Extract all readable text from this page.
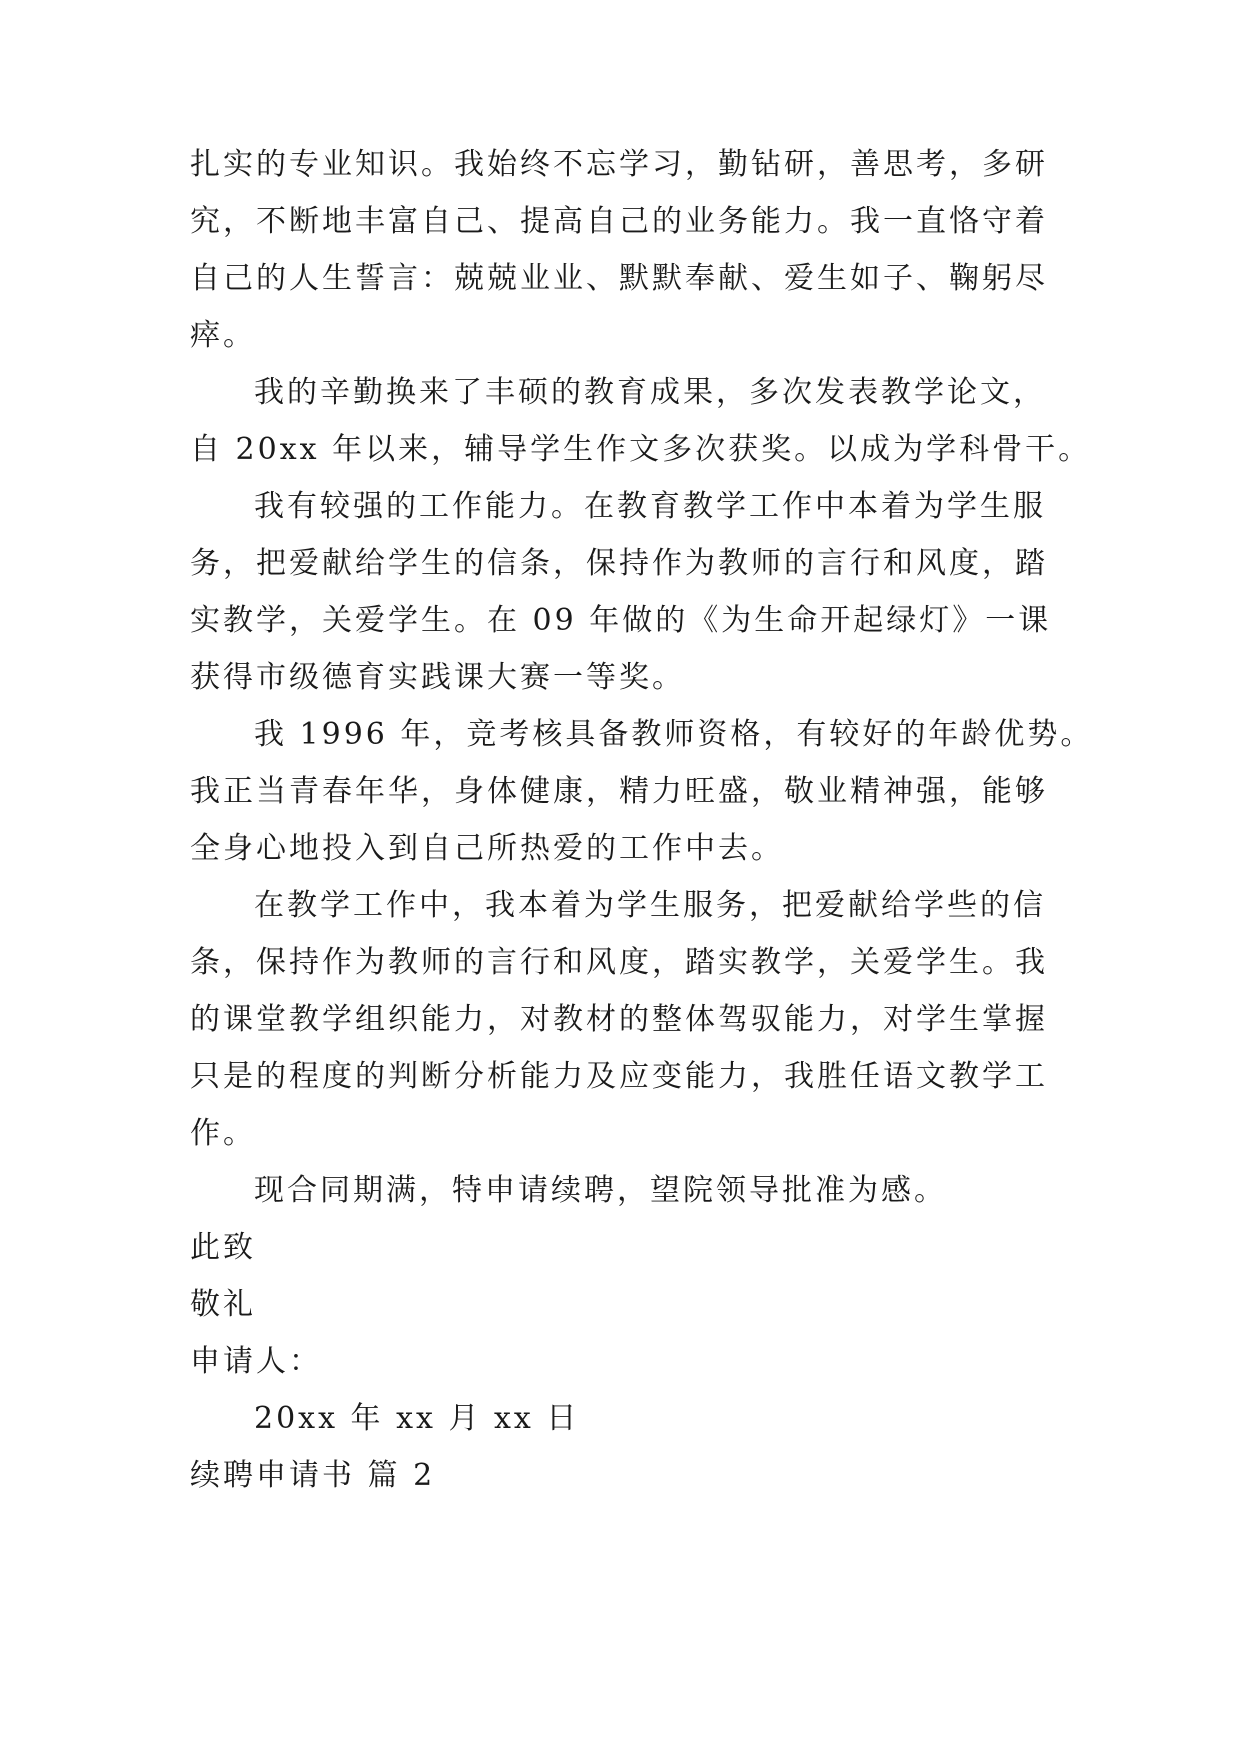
扎实的专业知识。我始终不忘学习，勤钻研，善思考，多研
究，不断地丰富自己、提高自己的业务能力。我一直恪守着
自己的人生誓言：兢兢业业、默默奉献、爱生如子、鞠躬尽
瘁。
我的辛勤换来了丰硕的教育成果，多次发表教学论文，
自 20xx 年以来，辅导学生作文多次获奖。以成为学科骨干。
我有较强的工作能力。在教育教学工作中本着为学生服
务，把爱献给学生的信条，保持作为教师的言行和风度，踏
实教学，关爱学生。在 09 年做的《为生命开起绿灯》一课
获得市级德育实践课大赛一等奖。
我 1996 年，竞考核具备教师资格，有较好的年龄优势。
我正当青春年华，身体健康，精力旺盛，敬业精神强，能够
全身心地投入到自己所热爱的工作中去。
在教学工作中，我本着为学生服务，把爱献给学些的信
条，保持作为教师的言行和风度，踏实教学，关爱学生。我
的课堂教学组织能力，对教材的整体驾驭能力，对学生掌握
只是的程度的判断分析能力及应变能力，我胜任语文教学工
作。
现合同期满，特申请续聘，望院领导批准为感。
此致
敬礼
申请人：
20xx 年 xx 月 xx 日
续聘申请书 篇 2
